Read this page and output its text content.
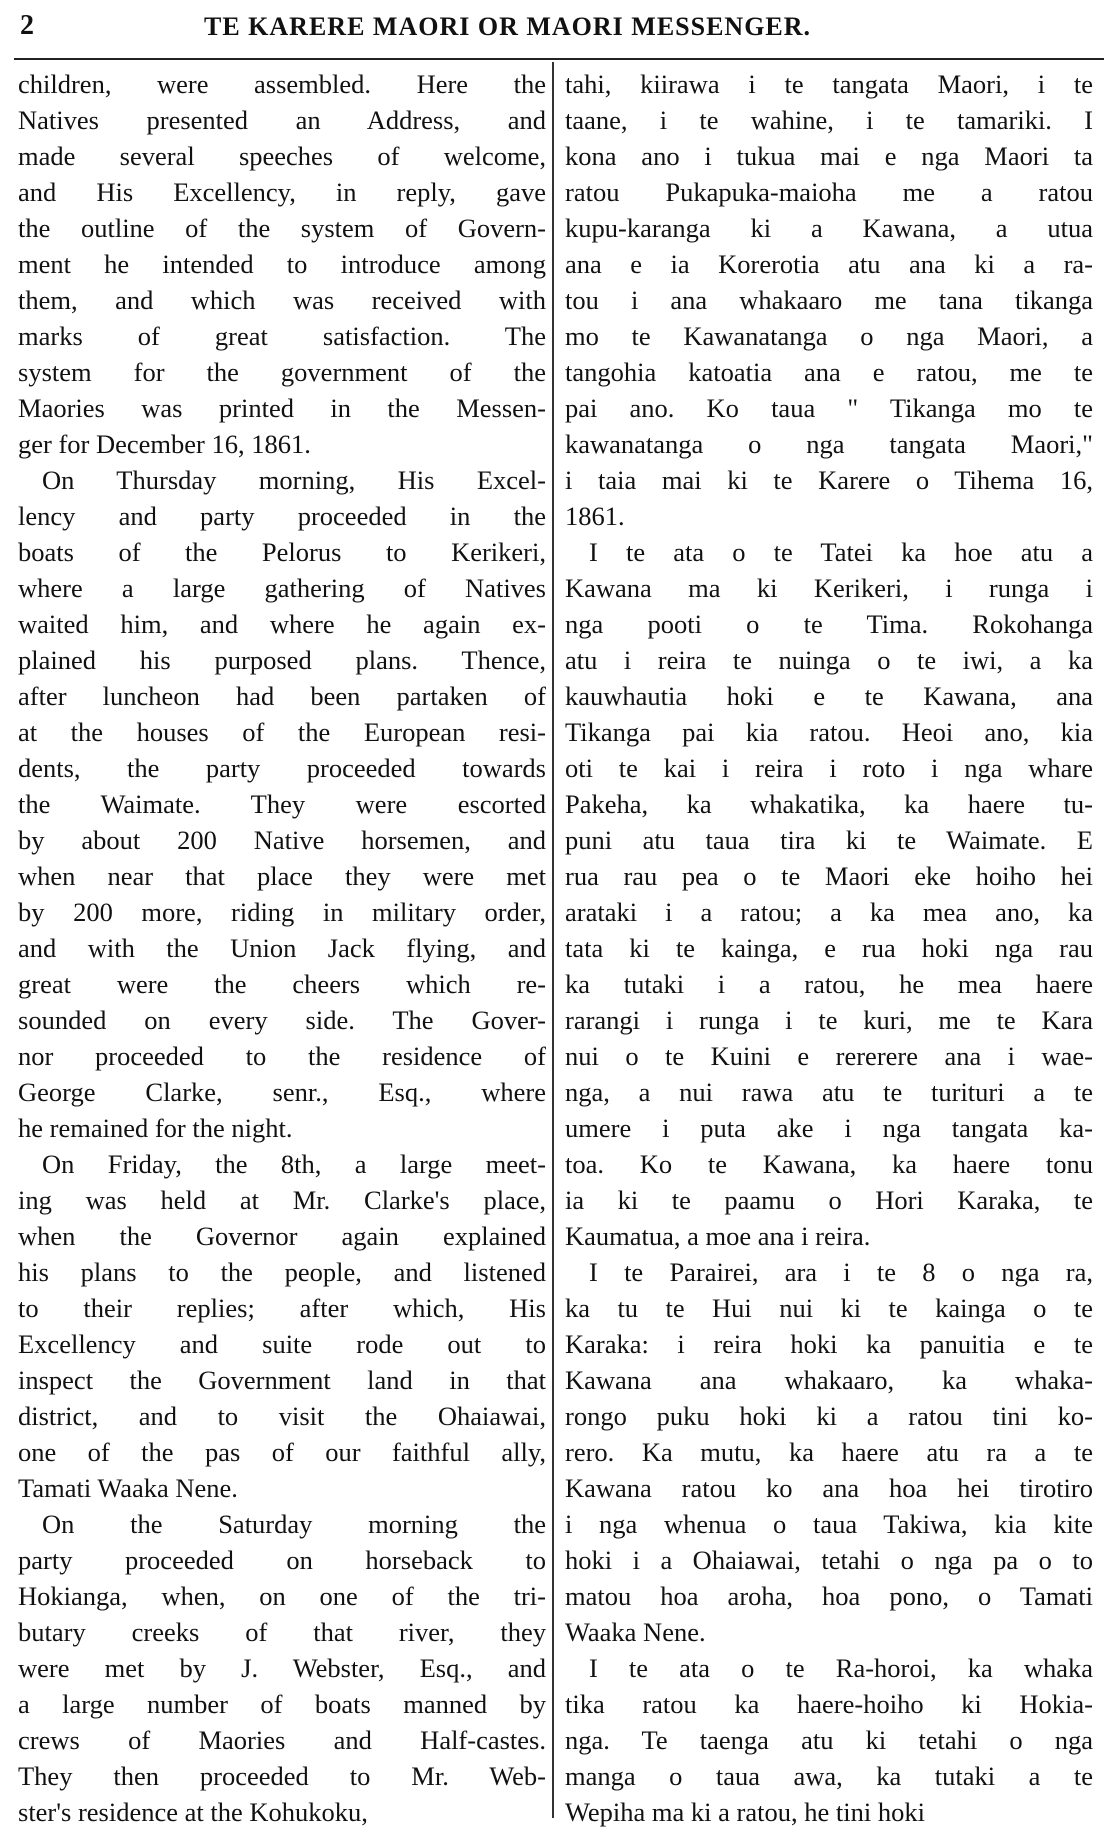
2	TE KARERE MAORI OR MAORI MESSENGER.
children, were assembled. Here the
Natives presented an Address, and
made several speeches of welcome,
and His Excellency, in reply, gave
the outline of the system of Govern-
ment he intended to introduce among
them, and which was received with
marks of great satisfaction. The
system for the government of the
Maories was printed in the Messen-
ger for December 16, 1861.
On Thursday morning, His Excel-
lency and party proceeded in the
boats of the Pelorus to Kerikeri,
where a large gathering of Natives
waited him, and where he again ex-
plained his purposed plans. Thence,
after luncheon had been partaken of
at the houses of the European resi-
dents, the party proceeded towards
the Waimate. They were escorted
by about 200 Native horsemen, and
when near that place they were met
by 200 more, riding in military order,
and with the Union Jack flying, and
great were the cheers which re-
sounded on every side. The Gover-
nor proceeded to the residence of
George Clarke, senr., Esq., where
he remained for the night.
On Friday, the 8th, a large meet-
ing was held at Mr. Clarke's place,
when the Governor again explained
his plans to the people, and listened
to their replies; after which, His
Excellency and suite rode out to
inspect the Government land in that
district, and to visit the Ohaiawai,
one of the pas of our faithful ally,
Tamati Waaka Nene.
On the Saturday morning the
party proceeded on horseback to
Hokianga, when, on one of the tri-
butary creeks of that river, they
were met by J. Webster, Esq., and
a large number of boats manned by
crews of Maories and Half-castes.
They then proceeded to Mr. Web-
ster's residence at the Kohukoku,
tahi, kiirawa i te tangata Maori, i te
taane, i te wahine, i te tamariki. I
kona ano i tukua mai e nga Maori ta
ratou Pukapuka-maioha me a ratou
kupu-karanga ki a Kawana, a utua
ana e ia Korerotia atu ana ki a ra-
tou i ana whakaaro me tana tikanga
mo te Kawanatanga o nga Maori, a
tangohia katoatia ana e ratou, me te
pai ano. Ko taua " Tikanga mo te
kawanatanga o nga tangata Maori,"
i taia mai ki te Karere o Tihema 16,
1861.
I te ata o te Tatei ka hoe atu a
Kawana ma ki Kerikeri, i runga i
nga pooti o te Tima. Rokohanga
atu i reira te nuinga o te iwi, a ka
kauwhautia hoki e te Kawana, ana
Tikanga pai kia ratou. Heoi ano, kia
oti te kai i reira i roto i nga whare
Pakeha, ka whakatika, ka haere tu-
puni atu taua tira ki te Waimate. E
rua rau pea o te Maori eke hoiho hei
arataki i a ratou; a ka mea ano, ka
tata ki te kainga, e rua hoki nga rau
ka tutaki i a ratou, he mea haere
rarangi i runga i te kuri, me te Kara
nui o te Kuini e rererere ana i wae-
nga, a nui rawa atu te turituri a te
umere i puta ake i nga tangata ka-
toa. Ko te Kawana, ka haere tonu
ia ki te paamu o Hori Karaka, te
Kaumatua, a moe ana i reira.
I te Parairei, ara i te 8 o nga ra,
ka tu te Hui nui ki te kainga o te
Karaka: i reira hoki ka panuitia e te
Kawana ana whakaaro, ka whaka-
rongo puku hoki ki a ratou tini ko-
rero. Ka mutu, ka haere atu ra a te
Kawana ratou ko ana hoa hei tirotiro
i nga whenua o taua Takiwa, kia kite
hoki i a Ohaiawai, tetahi o nga pa o to
matou hoa aroha, hoa pono, o Tamati
Waaka Nene.
I te ata o te Ra-horoi, ka whaka
tika ratou ka haere-hoiho ki Hokia-
nga. Te taenga atu ki tetahi o nga
manga o taua awa, ka tutaki a te
Wepiha ma ki a ratou, he tini hoki
